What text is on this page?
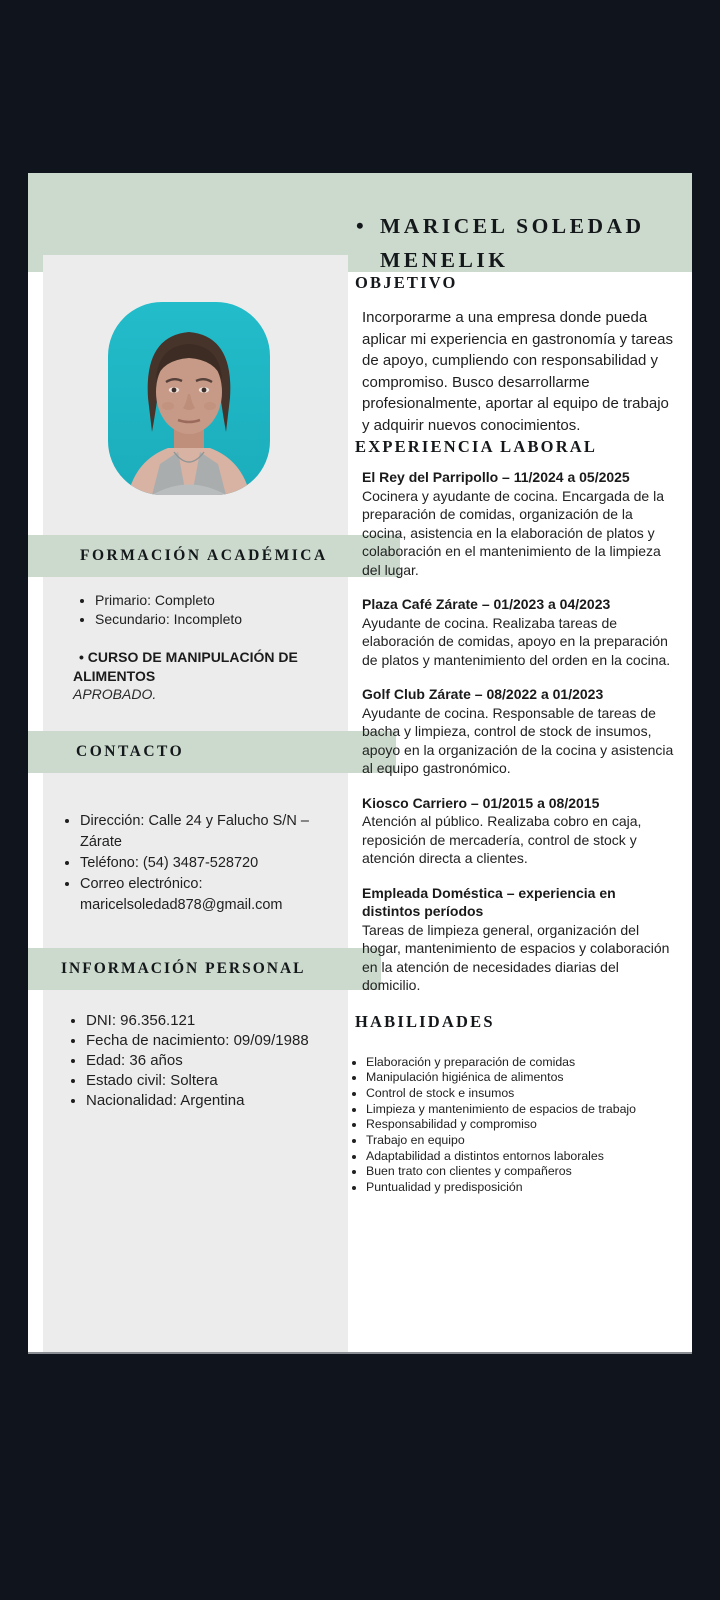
FORMACIÓN ACADÉMICA
CONTACTO
INFORMACIÓN PERSONAL
• Primario: Completo
• Secundario: Incompleto

• CURSO DE MANIPULACIÓN DE ALIMENTOS

APROBADO.

• Dirección: Calle 24 y Falucho S/N – Zárate
• Teléfono: (54) 3487-528720
• Correo electrónico: maricelsoledad878@gmail.com
• DNI: 96.356.121
• Fecha de nacimiento: 09/09/1988
• Edad: 36 años
• Estado civil: Soltera
• Nacionalidad: Argentina
• MARICEL SOLEDAD MENELIK
OBJETIVO

Incorporarme a una empresa donde pueda aplicar mi experiencia en gastronomía y tareas de apoyo, cumpliendo con responsabilidad y compromiso. Busco desarrollarme profesionalmente, aportar al equipo de trabajo y adquirir nuevos conocimientos.

EXPERIENCIA LABORAL
El Rey del Parripollo – 11/2024 a 05/2025

Cocinera y ayudante de cocina. Encargada de la preparación de comidas, organización de la cocina, asistencia en la elaboración de platos y colaboración en el mantenimiento de la limpieza del lugar.

Plaza Café Zárate – 01/2023 a 04/2023

Ayudante de cocina. Realizaba tareas de elaboración de comidas, apoyo en la preparación de platos y mantenimiento del orden en la cocina.

Golf Club Zárate – 08/2022 a 01/2023

Ayudante de cocina. Responsable de tareas de bacha y limpieza, control de stock de insumos, apoyo en la organización de la cocina y asistencia al equipo gastronómico.

Kiosco Carriero – 01/2015 a 08/2015

Atención al público. Realizaba cobro en caja, reposición de mercadería, control de stock y atención directa a clientes.

Empleada Doméstica – experiencia en distintos períodos

Tareas de limpieza general, organización del hogar, mantenimiento de espacios y colaboración en la atención de necesidades diarias del domicilio.

HABILIDADES
• Elaboración y preparación de comidas
• Manipulación higiénica de alimentos
• Control de stock e insumos
• Limpieza y mantenimiento de espacios de trabajo
• Responsabilidad y compromiso
• Trabajo en equipo
• Adaptabilidad a distintos entornos laborales
• Buen trato con clientes y compañeros
• Puntualidad y predisposición
